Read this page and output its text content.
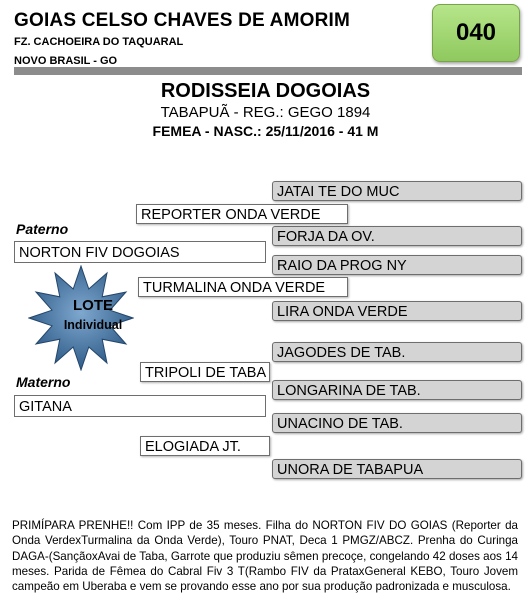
GOIAS CELSO CHAVES DE AMORIM
FZ. CACHOEIRA DO TAQUARAL
NOVO BRASIL - GO
040
RODISSEIA DOGOIAS
TABAPUÃ - REG.: GEGO 1894
FEMEA - NASC.: 25/11/2016 - 41 M
JATAI TE DO MUC
FORJA DA OV.
RAIO DA PROG NY
LIRA ONDA VERDE
JAGODES DE TAB.
LONGARINA DE TAB.
UNACINO DE TAB.
UNORA DE TABAPUA
REPORTER ONDA VERDE
TURMALINA ONDA VERDE
TRIPOLI DE TABA
ELOGIADA JT.
Paterno
NORTON FIV DOGOIAS
Materno
GITANA
LOTE
Individual
PRIMÍPARA PRENHE!! Com IPP de 35 meses. Filha do NORTON FIV DO GOIAS (Reporter da Onda VerdexTurmalina da Onda Verde), Touro PNAT, Deca 1 PMGZ/ABCZ. Prenha do Curinga DAGA-(SançãoxAvai de Taba, Garrote que produziu sêmen precoçe, congelando 42 doses aos 14 meses. Parida de Fêmea do Cabral Fiv 3 T(Rambo FIV da PrataxGeneral KEBO, Touro Jovem campeão em Uberaba e vem se provando esse ano por sua produção padronizada e musculosa.
